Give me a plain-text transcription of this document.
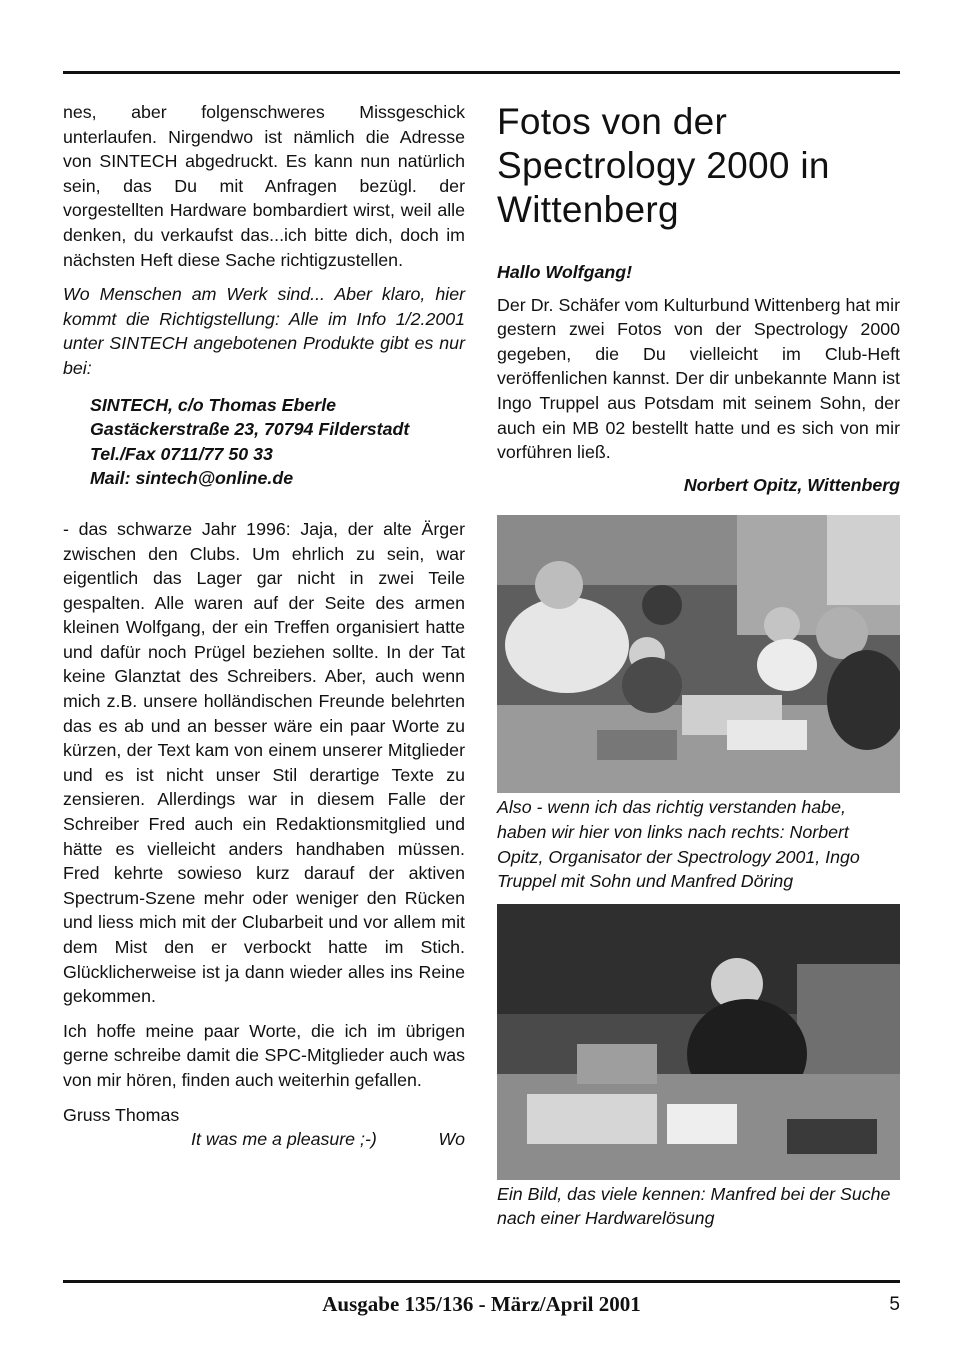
nes, aber folgenschweres Missgeschick unterlaufen. Nirgendwo ist nämlich die Adresse von SINTECH abgedruckt. Es kann nun natürlich sein, das Du mit Anfragen bezügl. der vorgestellten Hardware bombardiert wirst, weil alle denken, du verkaufst das...ich bitte dich, doch im nächsten Heft diese Sache richtigzustellen.

Wo Menschen am Werk sind... Aber klaro, hier kommt die Richtigstellung: Alle im Info 1/2.2001 unter SINTECH angebotenen Produkte gibt es nur bei:

SINTECH, c/o Thomas Eberle
Gastäckerstraße 23, 70794 Filderstadt
Tel./Fax 0711/77 50 33
Mail: sintech@online.de

- das schwarze Jahr 1996: Jaja, der alte Ärger zwischen den Clubs. Um ehrlich zu sein, war eigentlich das Lager gar nicht in zwei Teile gespalten. Alle waren auf der Seite des armen kleinen Wolfgang, der ein Treffen organisiert hatte und dafür noch Prügel beziehen sollte. In der Tat keine Glanztat des Schreibers. Aber, auch wenn mich z.B. unsere holländischen Freunde belehrten das es ab und an besser wäre ein paar Worte zu kürzen, der Text kam von einem unserer Mitglieder und es ist nicht unser Stil derartige Texte zu zensieren. Allerdings war in diesem Falle der Schreiber Fred auch ein Redaktionsmitglied und hätte es vielleicht anders handhaben müssen. Fred kehrte sowieso kurz darauf der aktiven Spectrum-Szene mehr oder weniger den Rücken und liess mich mit der Clubarbeit und vor allem mit dem Mist den er verbockt hatte im Stich. Glücklicherweise ist ja dann wieder alles ins Reine gekommen.

Ich hoffe meine paar Worte, die ich im übrigen gerne schreibe damit die SPC-Mitglieder auch was von mir hören, finden auch weiterhin gefallen.

Gruss Thomas

It was me a pleasure ;-)	Wo
Fotos von der Spectrology 2000 in Wittenberg

Hallo Wolfgang!

Der Dr. Schäfer vom Kulturbund Wittenberg hat mir gestern zwei Fotos von der Spectrology 2000 gegeben, die Du vielleicht im Club-Heft veröffenlichen kannst. Der dir unbekannte Mann ist Ingo Truppel aus Potsdam mit seinem Sohn, der auch ein MB 02 bestellt hatte und es sich von mir vorführen ließ.

Norbert Opitz, Wittenberg

Also - wenn ich das richtig verstanden habe, haben wir hier von links nach rechts: Norbert Opitz, Organisator der Spectrology 2001, Ingo Truppel mit Sohn und Manfred Döring

Ein Bild, das viele kennen: Manfred bei der Suche nach einer Hardwarelösung

Ausgabe 135/136 - März/April 2001	5
